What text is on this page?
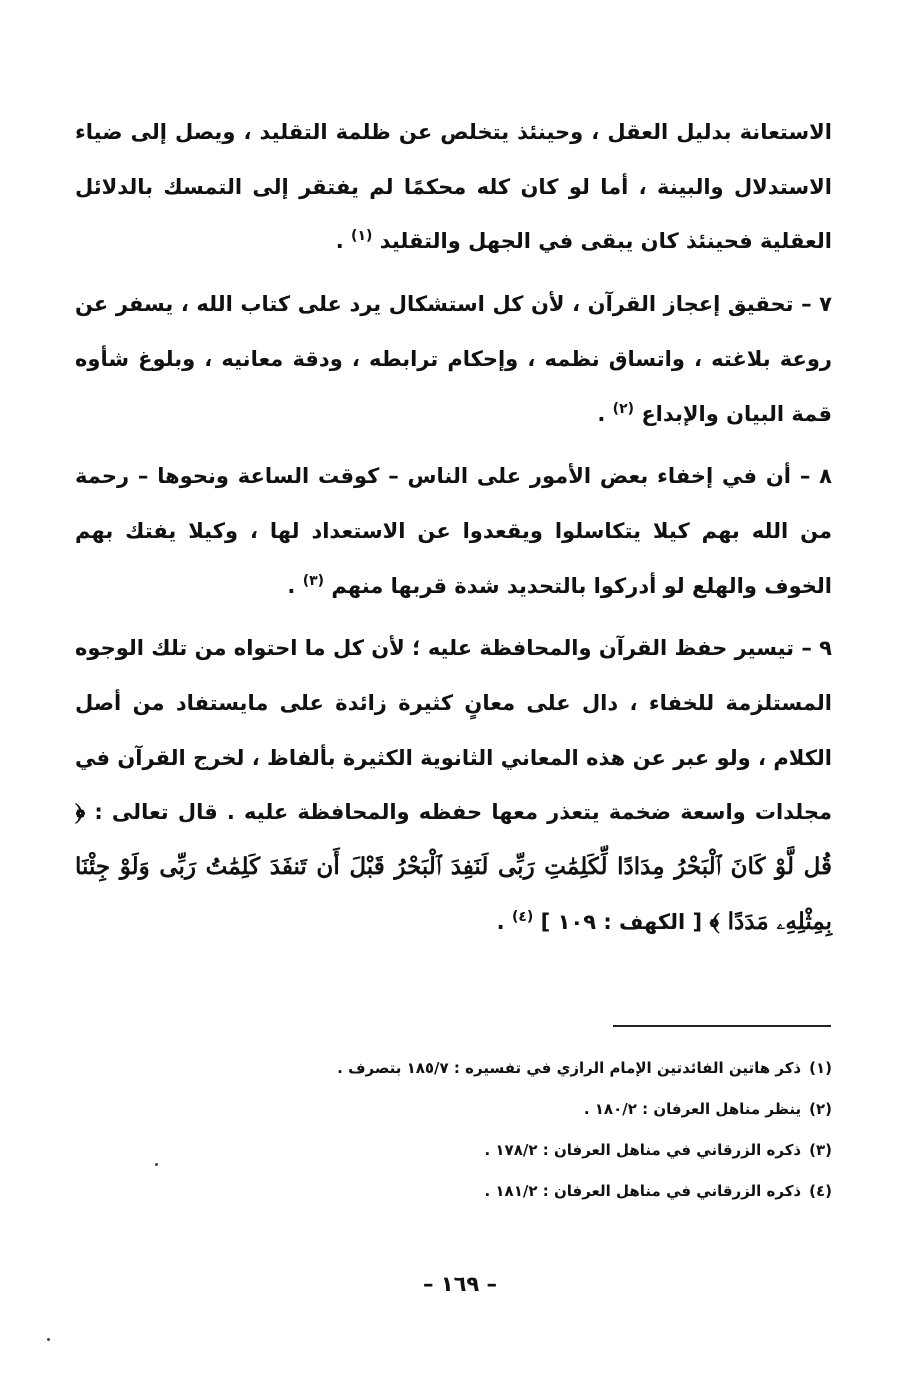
الاستعانة بدليل العقل ، وحينئذ يتخلص عن ظلمة التقليد ، ويصل إلى ضياء الاستدلال والبينة ، أما لو كان كله محكمًا لم يفتقر إلى التمسك بالدلائل العقلية فحينئذ كان يبقى في الجهل والتقليد $^{(١)}$ .

٧ – تحقيق إعجاز القرآن ، لأن كل استشكال يرد على كتاب الله ، يسفر عن روعة بلاغته ، واتساق نظمه ، وإحكام ترابطه ، ودقة معانيه ، وبلوغ شأوه قمة البيان والإبداع $^{(٢)}$ .

٨ – أن في إخفاء بعض الأمور على الناس – كوقت الساعة ونحوها – رحمة من الله بهم كيلا يتكاسلوا ويقعدوا عن الاستعداد لها ، وكيلا يفتك بهم الخوف والهلع لو أدركوا بالتحديد شدة قربها منهم $^{(٣)}$ .

٩ – تيسير حفظ القرآن والمحافظة عليه ؛ لأن كل ما احتواه من تلك الوجوه المستلزمة للخفاء ، دال على معانٍ كثيرة زائدة على مايستفاد من أصل الكلام ، ولو عبر عن هذه المعاني الثانوية الكثيرة بألفاظ ، لخرج القرآن في مجلدات واسعة ضخمة يتعذر معها حفظه والمحافظة عليه . قال تعالى : ﴿ قُل لَّوْ كَانَ ٱلْبَحْرُ مِدَادًا لِّكَلِمَٰتِ رَبِّى لَنَفِدَ ٱلْبَحْرُ قَبْلَ أَن تَنفَدَ كَلِمَٰتُ رَبِّى وَلَوْ جِئْنَا بِمِثْلِهِۦ مَدَدًا ﴾ [ الكهف : ١٠٩ ] $^{(٤)}$ .

(١)ذكر هاتين الفائدتين الإمام الرازي في تفسيره : ١٨٥/٧ بتصرف .
(٢)ينظر مناهل العرفان : ١٨٠/٢ .
(٣)ذكره الزرقاني في مناهل العرفان : ١٧٨/٢ .
(٤)ذكره الزرقاني في مناهل العرفان : ١٨١/٢ .
– ١٦٩ –
